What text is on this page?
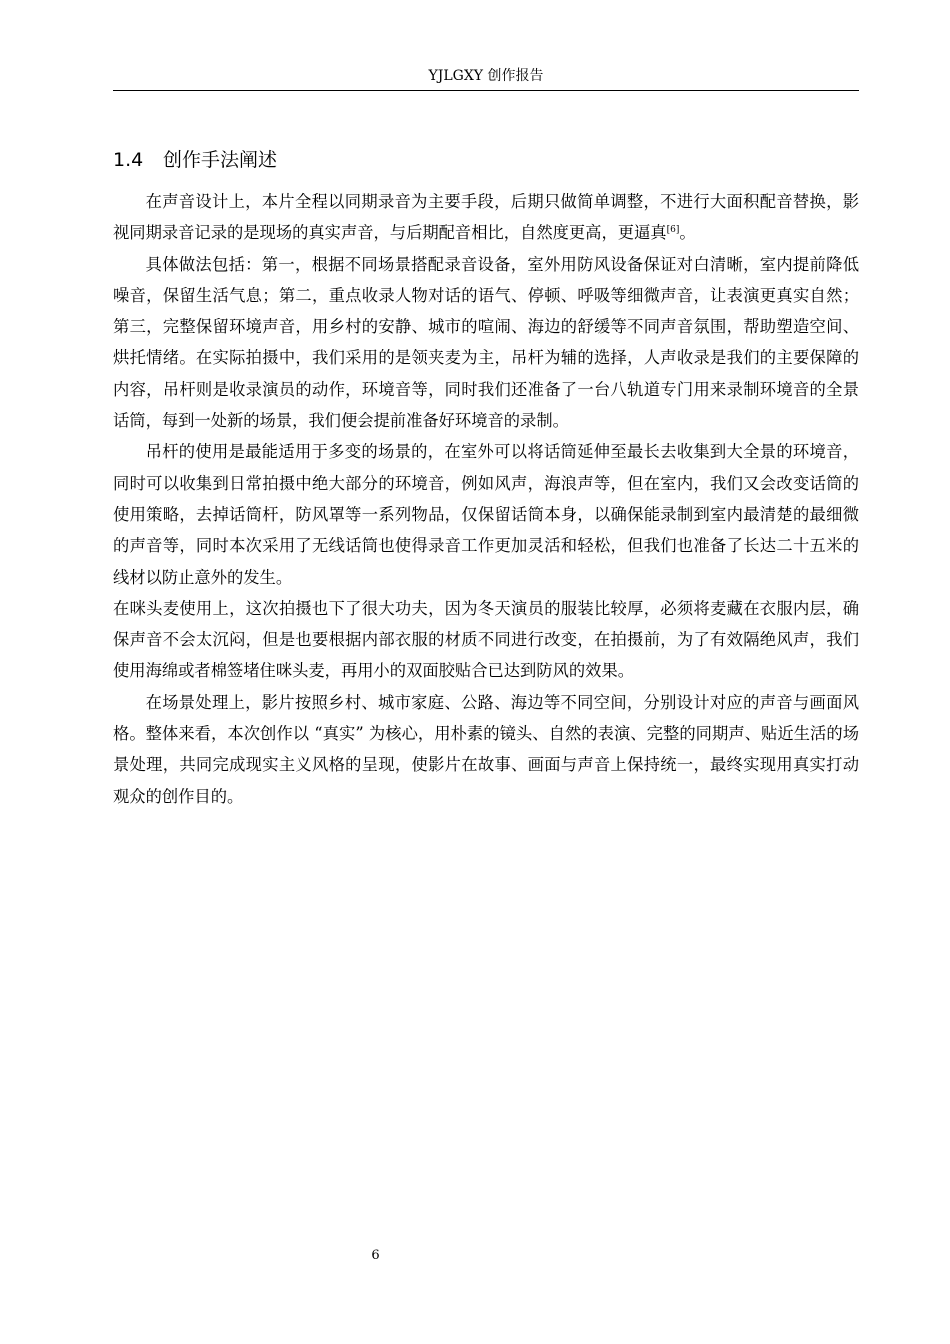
YJLGXY 创作报告
1.4 创作手法阐述

在声音设计上，本片全程以同期录音为主要手段，后期只做简单调整，不进行大面积配音替换，影视同期录音记录的是现场的真实声音，与后期配音相比，自然度更高，更逼真[6]。

具体做法包括：第一，根据不同场景搭配录音设备，室外用防风设备保证对白清晰，室内提前降低噪音，保留生活气息；第二，重点收录人物对话的语气、停顿、呼吸等细微声音，让表演更真实自然；第三，完整保留环境声音，用乡村的安静、城市的喧闹、海边的舒缓等不同声音氛围，帮助塑造空间、烘托情绪。在实际拍摄中，我们采用的是领夹麦为主，吊杆为辅的选择，人声收录是我们的主要保障的内容，吊杆则是收录演员的动作，环境音等，同时我们还准备了一台八轨道专门用来录制环境音的全景话筒，每到一处新的场景，我们便会提前准备好环境音的录制。

吊杆的使用是最能适用于多变的场景的，在室外可以将话筒延伸至最长去收集到大全景的环境音，同时可以收集到日常拍摄中绝大部分的环境音，例如风声，海浪声等，但在室内，我们又会改变话筒的使用策略，去掉话筒杆，防风罩等一系列物品，仅保留话筒本身，以确保能录制到室内最清楚的最细微的声音等，同时本次采用了无线话筒也使得录音工作更加灵活和轻松，但我们也准备了长达二十五米的线材以防止意外的发生。

在咪头麦使用上，这次拍摄也下了很大功夫，因为冬天演员的服装比较厚，必须将麦藏在衣服内层，确保声音不会太沉闷，但是也要根据内部衣服的材质不同进行改变，在拍摄前，为了有效隔绝风声，我们使用海绵或者棉签堵住咪头麦，再用小的双面胶贴合已达到防风的效果。

在场景处理上，影片按照乡村、城市家庭、公路、海边等不同空间，分别设计对应的声音与画面风格。整体来看，本次创作以 “真实” 为核心，用朴素的镜头、自然的表演、完整的同期声、贴近生活的场景处理，共同完成现实主义风格的呈现，使影片在故事、画面与声音上保持统一，最终实现用真实打动观众的创作目的。

6
